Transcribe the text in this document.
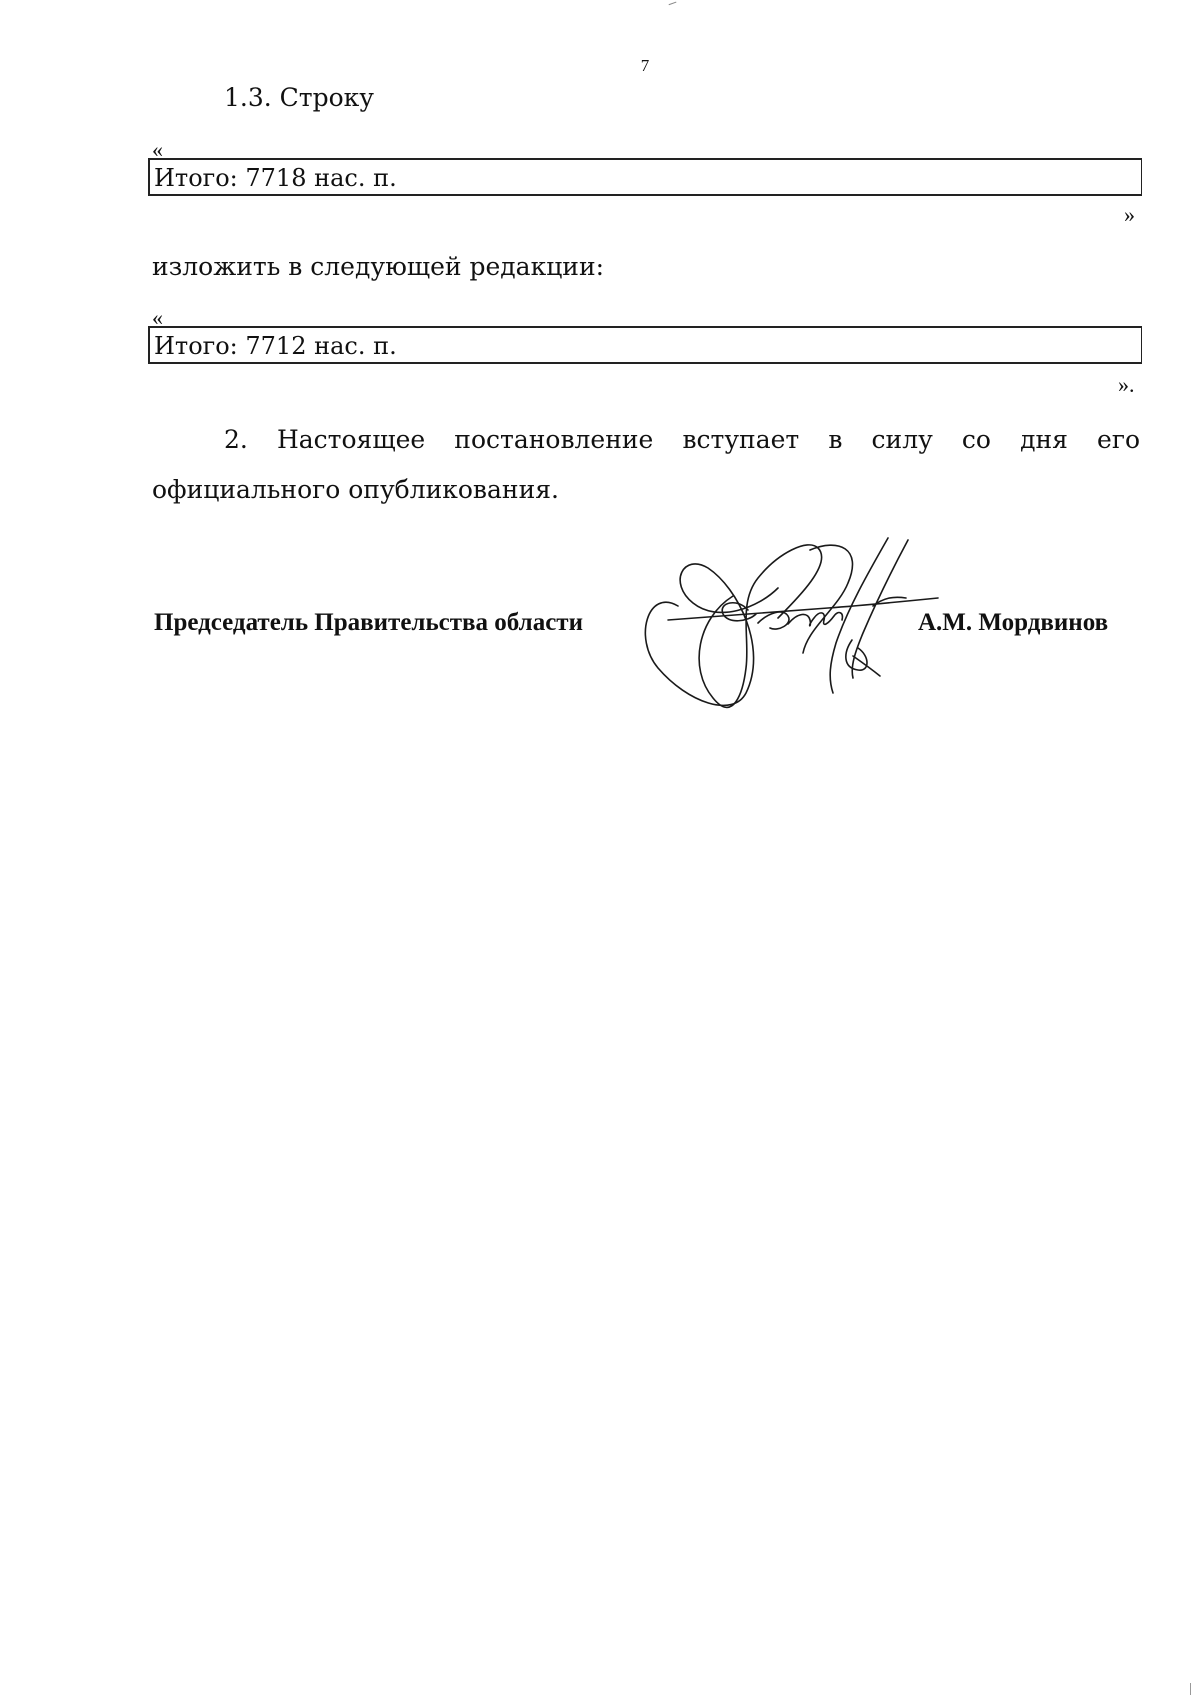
7
1.3. Строку
«
Итого: 7718 нас. п.
»
изложить в следующей редакции:
«
Итого: 7712 нас. п.
».
2. Настоящее постановление вступает в силу со дня его официального опубликования.
Председатель Правительства области	А.М. Мордвинов
